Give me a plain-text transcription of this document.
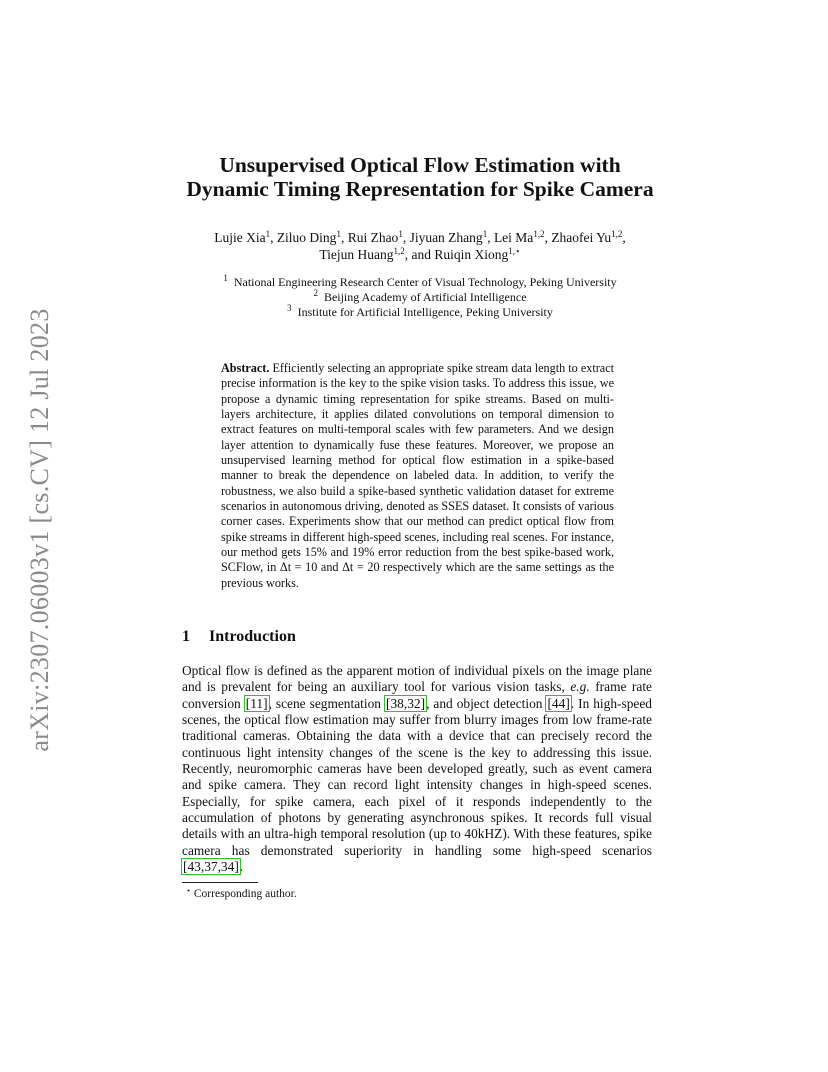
arXiv:2307.06003v1 [cs.CV] 12 Jul 2023
Unsupervised Optical Flow Estimation with
Dynamic Timing Representation for Spike Camera
Lujie Xia$^1$, Ziluo Ding$^1$, Rui Zhao$^1$, Jiyuan Zhang$^1$, Lei Ma$^{1,2}$, Zhaofei Yu$^{1,2}$,
Tiejun Huang$^{1,2}$, and Ruiqin Xiong$^{1,⋆}$
$^1$ National Engineering Research Center of Visual Technology, Peking University
$^2$ Beijing Academy of Artificial Intelligence
$^3$ Institute for Artificial Intelligence, Peking University
Abstract. Efficiently selecting an appropriate spike stream data length to extract precise information is the key to the spike vision tasks. To address this issue, we propose a dynamic timing representation for spike streams. Based on multi-layers architecture, it applies dilated convolutions on temporal dimension to extract features on multi-temporal scales with few parameters. And we design layer attention to dynamically fuse these features. Moreover, we propose an unsupervised learning method for optical flow estimation in a spike-based manner to break the dependence on labeled data. In addition, to verify the robustness, we also build a spike-based synthetic validation dataset for extreme scenarios in autonomous driving, denoted as SSES dataset. It consists of various corner cases. Experiments show that our method can predict optical flow from spike streams in different high-speed scenes, including real scenes. For instance, our method gets 15% and 19% error reduction from the best spike-based work, SCFlow, in Δt = 10 and Δt = 20 respectively which are the same settings as the previous works.
1 Introduction
Optical flow is defined as the apparent motion of individual pixels on the image plane and is prevalent for being an auxiliary tool for various vision tasks, e.g. frame rate conversion [11], scene segmentation [38,32], and object detection [44]. In high-speed scenes, the optical flow estimation may suffer from blurry images from low frame-rate traditional cameras. Obtaining the data with a device that can precisely record the continuous light intensity changes of the scene is the key to addressing this issue. Recently, neuromorphic cameras have been developed greatly, such as event camera and spike camera. They can record light intensity changes in high-speed scenes. Especially, for spike camera, each pixel of it responds independently to the accumulation of photons by generating asynchronous spikes. It records full visual details with an ultra-high temporal resolution (up to 40kHZ). With these features, spike camera has demonstrated superiority in handling some high-speed scenarios [43,37,34].
⋆ Corresponding author.
